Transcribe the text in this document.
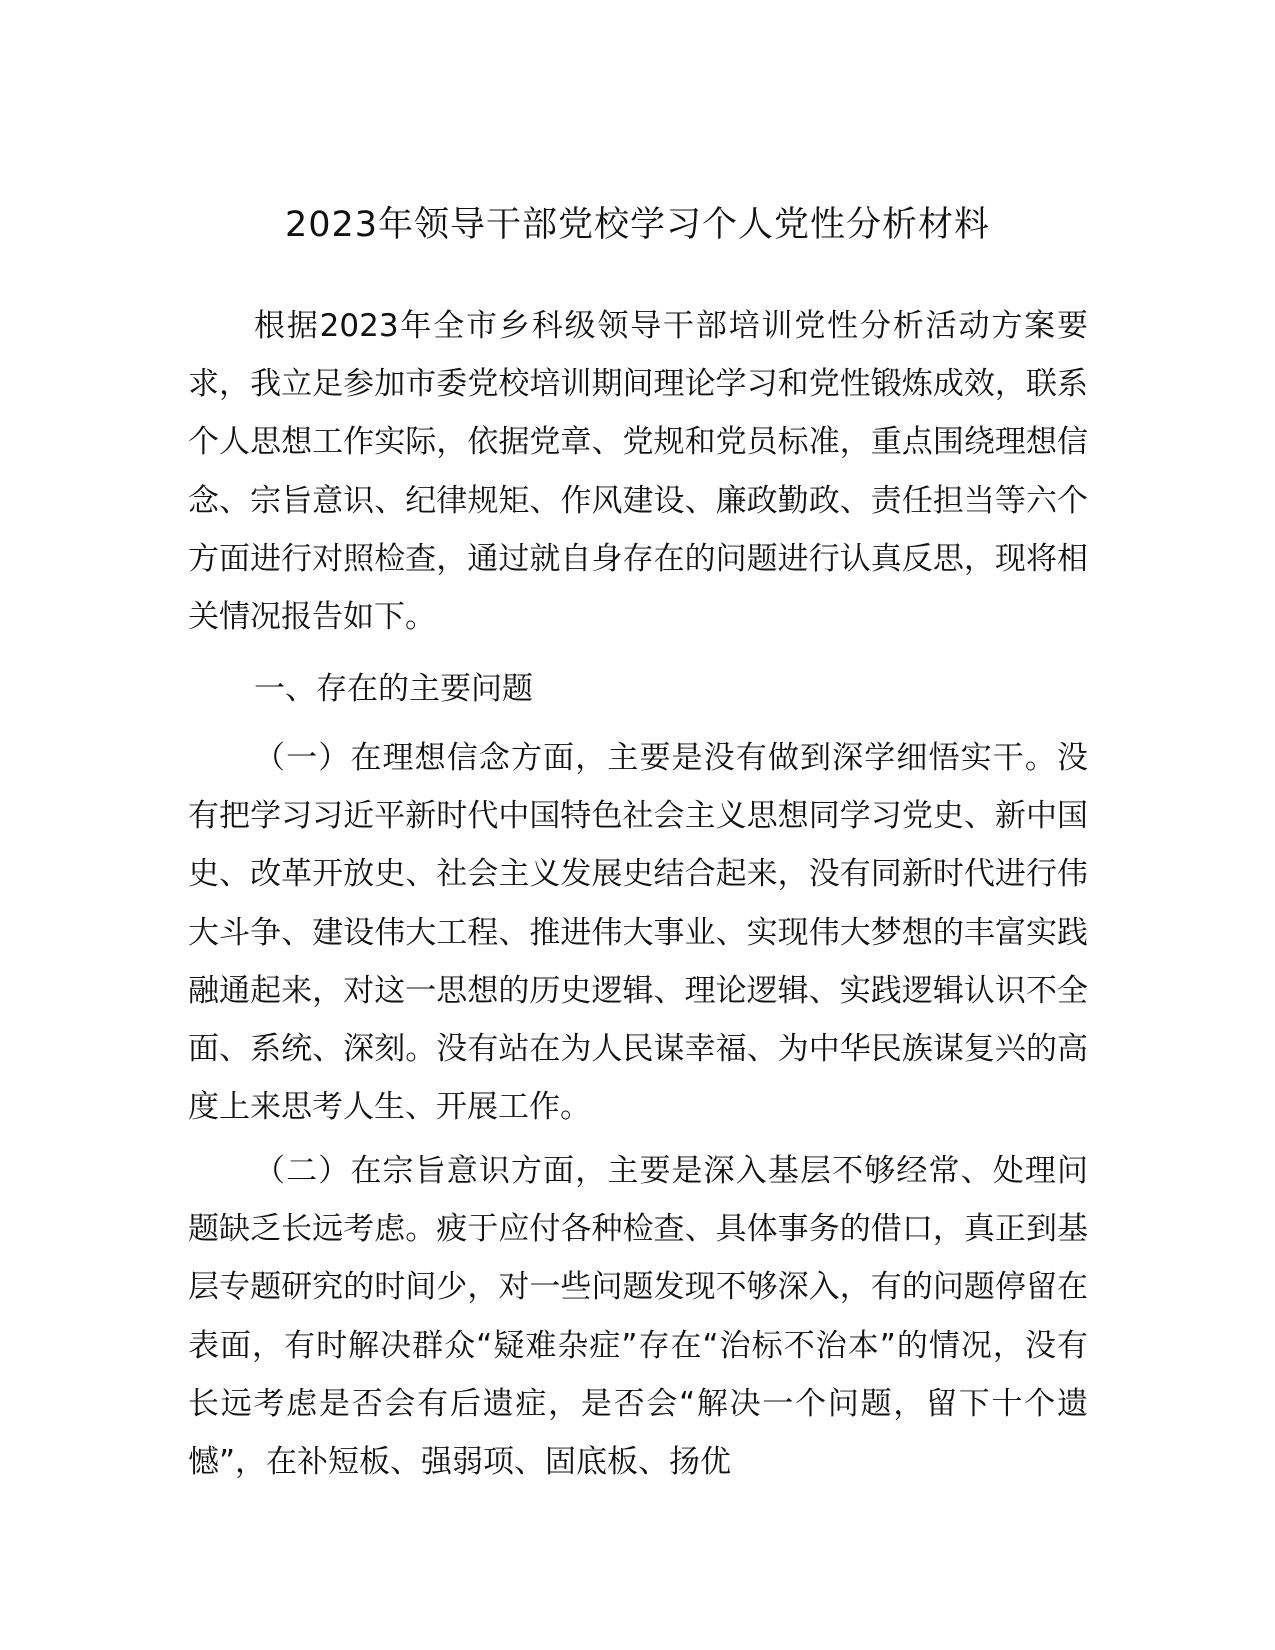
2023年领导干部党校学习个人党性分析材料

根据2023年全市乡科级领导干部培训党性分析活动方案要求，我立足参加市委党校培训期间理论学习和党性锻炼成效，联系个人思想工作实际，依据党章、党规和党员标准，重点围绕理想信念、宗旨意识、纪律规矩、作风建设、廉政勤政、责任担当等六个方面进行对照检查，通过就自身存在的问题进行认真反思，现将相关情况报告如下。

一、存在的主要问题

（一）在理想信念方面，主要是没有做到深学细悟实干。没有把学习习近平新时代中国特色社会主义思想同学习党史、新中国史、改革开放史、社会主义发展史结合起来，没有同新时代进行伟大斗争、建设伟大工程、推进伟大事业、实现伟大梦想的丰富实践融通起来，对这一思想的历史逻辑、理论逻辑、实践逻辑认识不全面、系统、深刻。没有站在为人民谋幸福、为中华民族谋复兴的高度上来思考人生、开展工作。

（二）在宗旨意识方面，主要是深入基层不够经常、处理问题缺乏长远考虑。疲于应付各种检查、具体事务的借口，真正到基层专题研究的时间少，对一些问题发现不够深入，有的问题停留在表面，有时解决群众“疑难杂症”存在“治标不治本”的情况，没有长远考虑是否会有后遗症，是否会“解决一个问题，留下十个遗憾”，在补短板、强弱项、固底板、扬优
